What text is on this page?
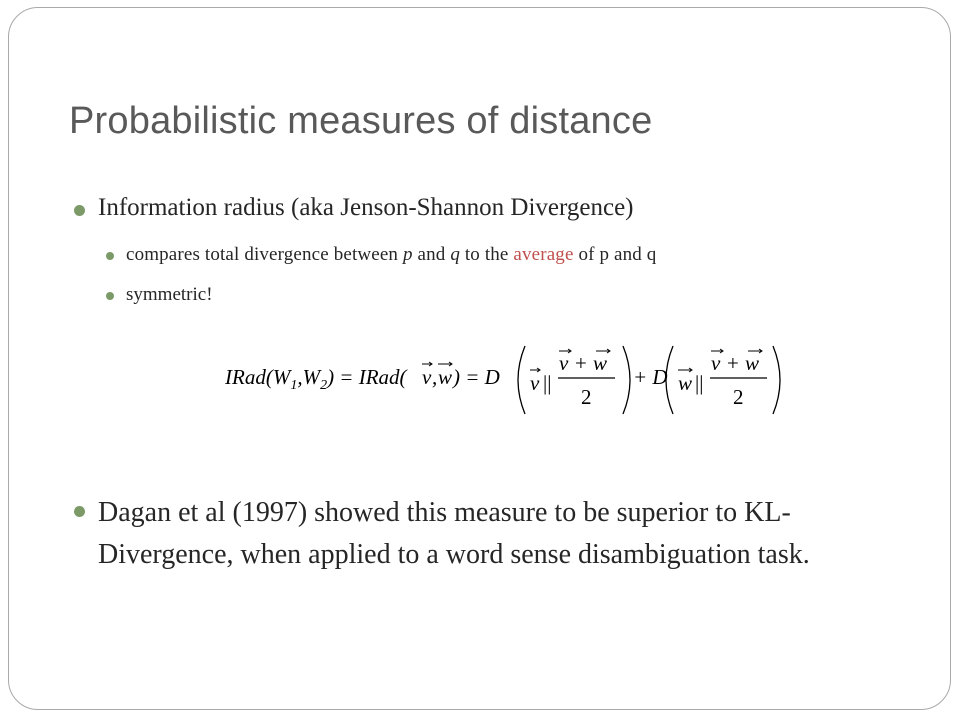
Probabilistic measures of distance
Information radius (aka Jenson-Shannon Divergence)
compares total divergence between p and q to the average of p and q
symmetric!
$IRad(W_1,W_2)$ = IRad( v , w ) = D v ||
v + w
2
+ D w ||
v + w
2
Dagan et al (1997) showed this measure to be superior to KL-Divergence, when applied to a word sense disambiguation task.
